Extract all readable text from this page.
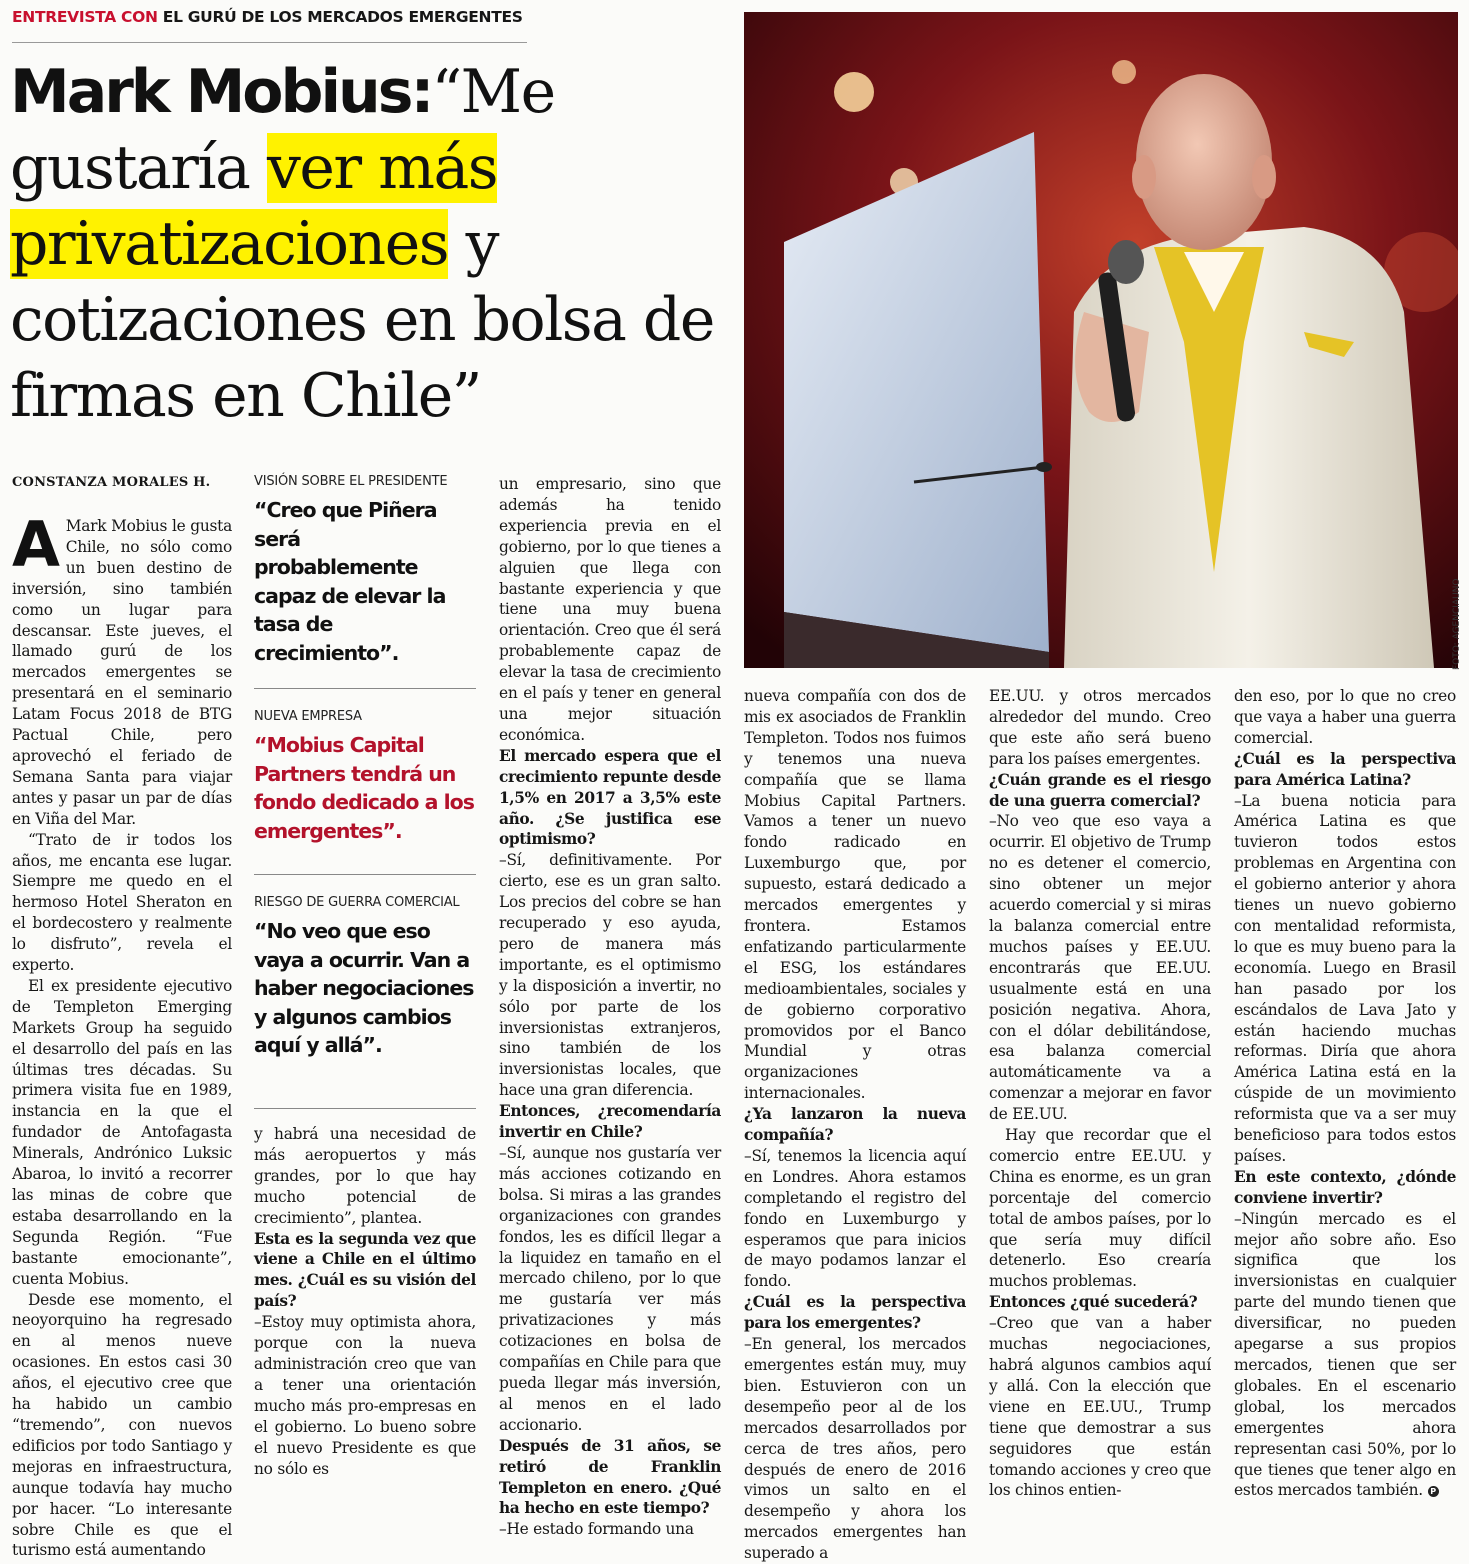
ENTREVISTA CON EL GURÚ DE LOS MERCADOS EMERGENTES
Mark Mobius:“Me gustaría ver más
privatizaciones y cotizaciones en bolsa de firmas en Chile”
FOTO: AGENCIAUNO
CONSTANZA MORALES H.
A Mark Mobius le gusta Chile, no sólo como un buen destino de inversión, sino también como un lugar para descansar. Este jueves, el llamado gurú de los mercados emergentes se presentará en el seminario Latam Focus 2018 de BTG Pactual Chile, pero aprovechó el feriado de Semana Santa para viajar antes y pasar un par de días en Viña del Mar.

“Trato de ir todos los años, me encanta ese lugar. Siempre me quedo en el hermoso Hotel Sheraton en el bordecostero y realmente lo disfruto”, revela el experto.

El ex presidente ejecutivo de Templeton Emerging Markets Group ha seguido el desarrollo del país en las últimas tres décadas. Su primera visita fue en 1989, instancia en la que el fundador de Antofagasta Minerals, Andrónico Luksic Abaroa, lo invitó a recorrer las minas de cobre que estaba desarrollando en la Segunda Región. “Fue bastante emocionante”, cuenta Mobius.

Desde ese momento, el neoyorquino ha regresado en al menos nueve ocasiones. En estos casi 30 años, el ejecutivo cree que ha habido un cambio “tremendo”, con nuevos edificios por todo Santiago y mejoras en infraestructura, aunque todavía hay mucho por hacer. “Lo interesante sobre Chile es que el turismo está aumentando

VISIÓN SOBRE EL PRESIDENTE
“Creo que Piñera será probablemente capaz de elevar la tasa de crecimiento”.
NUEVA EMPRESA
“Mobius Capital Partners tendrá un fondo dedicado a los emergentes”.
RIESGO DE GUERRA COMERCIAL
“No veo que eso vaya a ocurrir. Van a haber negociaciones y algunos cambios aquí y allá”.

y habrá una necesidad de más aeropuertos y más grandes, por lo que hay mucho potencial de crecimiento”, plantea.

Esta es la segunda vez que viene a Chile en el último mes. ¿Cuál es su visión del país?

–Estoy muy optimista ahora, porque con la nueva administración creo que van a tener una orientación mucho más pro-empresas en el gobierno. Lo bueno sobre el nuevo Presidente es que no sólo es

un empresario, sino que además ha tenido experiencia previa en el gobierno, por lo que tienes a alguien que llega con bastante experiencia y que tiene una muy buena orientación. Creo que él será probablemente capaz de elevar la tasa de crecimiento en el país y tener en general una mejor situación económica.

El mercado espera que el crecimiento repunte desde 1,5% en 2017 a 3,5% este año. ¿Se justifica ese optimismo?

–Sí, definitivamente. Por cierto, ese es un gran salto. Los precios del cobre se han recuperado y eso ayuda, pero de manera más importante, es el optimismo y la disposición a invertir, no sólo por parte de los inversionistas extranjeros, sino también de los inversionistas locales, que hace una gran diferencia.

Entonces, ¿recomendaría invertir en Chile?

–Sí, aunque nos gustaría ver más acciones cotizando en bolsa. Si miras a las grandes organizaciones con grandes fondos, les es difícil llegar a la liquidez en tamaño en el mercado chileno, por lo que me gustaría ver más privatizaciones y más cotizaciones en bolsa de compañías en Chile para que pueda llegar más inversión, al menos en el lado accionario.

Después de 31 años, se retiró de Franklin Templeton en enero. ¿Qué ha hecho en este tiempo?

–He estado formando una

nueva compañía con dos de mis ex asociados de Franklin Templeton. Todos nos fuimos y tenemos una nueva compañía que se llama Mobius Capital Partners. Vamos a tener un nuevo fondo radicado en Luxemburgo que, por supuesto, estará dedicado a mercados emergentes y frontera. Estamos enfatizando particularmente el ESG, los estándares medioambientales, sociales y de gobierno corporativo promovidos por el Banco Mundial y otras organizaciones internacionales.

¿Ya lanzaron la nueva compañía?

–Sí, tenemos la licencia aquí en Londres. Ahora estamos completando el registro del fondo en Luxemburgo y esperamos que para inicios de mayo podamos lanzar el fondo.

¿Cuál es la perspectiva para los emergentes?

–En general, los mercados emergentes están muy, muy bien. Estuvieron con un desempeño peor al de los mercados desarrollados por cerca de tres años, pero después de enero de 2016 vimos un salto en el desempeño y ahora los mercados emergentes han superado a

EE.UU. y otros mercados alrededor del mundo. Creo que este año será bueno para los países emergentes.

¿Cuán grande es el riesgo de una guerra comercial?

–No veo que eso vaya a ocurrir. El objetivo de Trump no es detener el comercio, sino obtener un mejor acuerdo comercial y si miras la balanza comercial entre muchos países y EE.UU. encontrarás que EE.UU. usualmente está en una posición negativa. Ahora, con el dólar debilitándose, esa balanza comercial automáticamente va a comenzar a mejorar en favor de EE.UU.

Hay que recordar que el comercio entre EE.UU. y China es enorme, es un gran porcentaje del comercio total de ambos países, por lo que sería muy difícil detenerlo. Eso crearía muchos problemas.

Entonces ¿qué sucederá?

–Creo que van a haber muchas negociaciones, habrá algunos cambios aquí y allá. Con la elección que viene en EE.UU., Trump tiene que demostrar a sus seguidores que están tomando acciones y creo que los chinos entien-

den eso, por lo que no creo que vaya a haber una guerra comercial.

¿Cuál es la perspectiva para América Latina?

–La buena noticia para América Latina es que tuvieron todos estos problemas en Argentina con el gobierno anterior y ahora tienes un nuevo gobierno con mentalidad reformista, lo que es muy bueno para la economía. Luego en Brasil han pasado por los escándalos de Lava Jato y están haciendo muchas reformas. Diría que ahora América Latina está en la cúspide de un movimiento reformista que va a ser muy beneficioso para todos estos países.

En este contexto, ¿dónde conviene invertir?

–Ningún mercado es el mejor año sobre año. Eso significa que los inversionistas en cualquier parte del mundo tienen que diversificar, no pueden apegarse a sus propios mercados, tienen que ser globales. En el escenario global, los mercados emergentes ahora representan casi 50%, por lo que tienes que tener algo en estos mercados también. P
